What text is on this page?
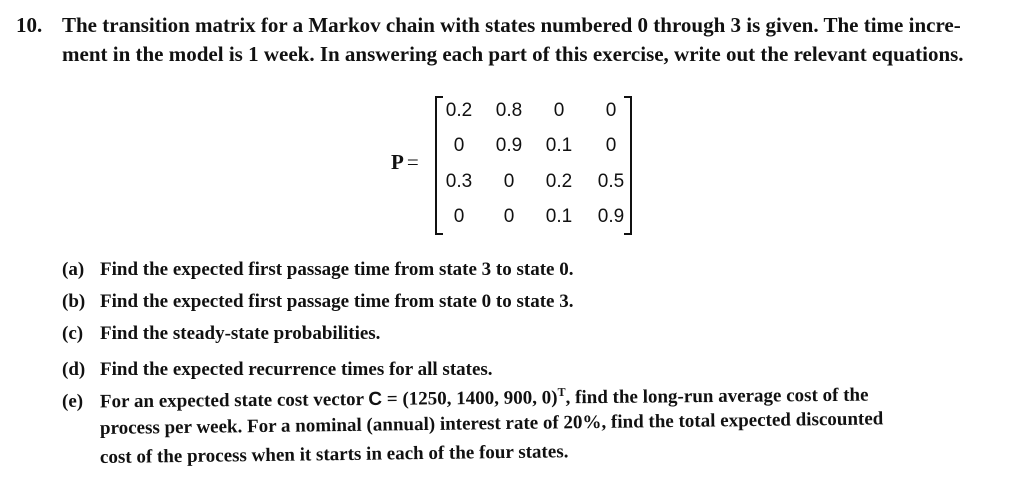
10. The transition matrix for a Markov chain with states numbered 0 through 3 is given. The time incre-
ment in the model is 1 week. In answering each part of this exercise, write out the relevant equations.
P =
0.2	0.8	0	0
0	0.9	0.1	0
0.3	0	0.2	0.5
0	0	0.1	0.9
(a) Find the expected first passage time from state 3 to state 0.
(b) Find the expected first passage time from state 0 to state 3.
(c) Find the steady-state probabilities.
(d) Find the expected recurrence times for all states.
(e) For an expected state cost vector C = (1250, 1400, 900, 0)$^T$, find the long-run average cost of the
process per week. For a nominal (annual) interest rate of 20%, find the total expected discounted
cost of the process when it starts in each of the four states.
